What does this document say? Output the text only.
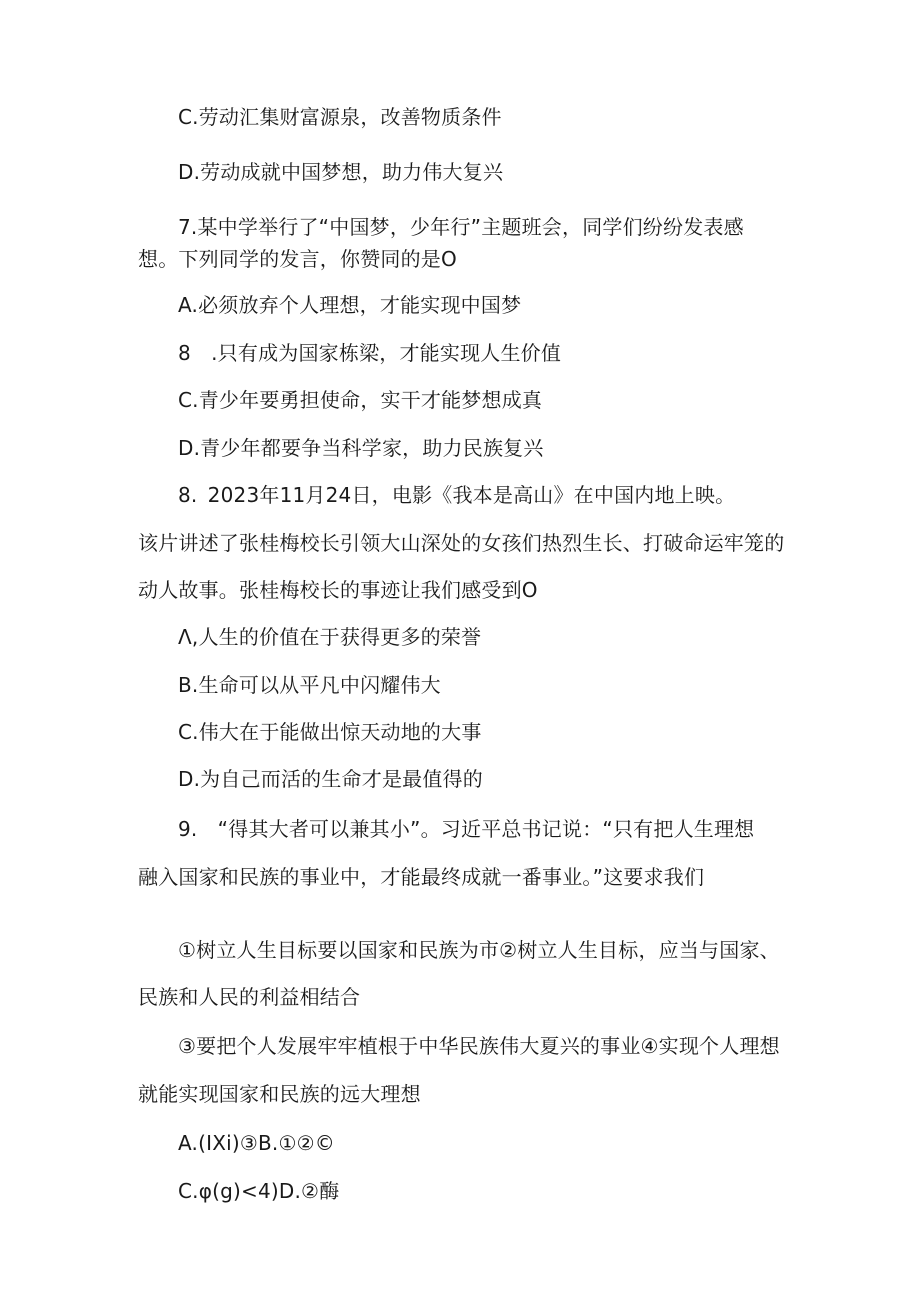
C.劳动汇集财富源泉，改善物质条件
D.劳动成就中国梦想，助力伟大复兴
7.某中学举行了“中国梦，少年行”主题班会，同学们纷纷发表感
想。下列同学的发言，你赞同的是O
A.必须放弃个人理想，才能实现中国梦
8 .只有成为国家栋梁，才能实现人生价值
C.青少年要勇担使命，实干才能梦想成真
D.青少年都要争当科学家，助力民族复兴
8. 2023年11月24日，电影《我本是高山》在中国内地上映。
该片讲述了张桂梅校长引领大山深处的女孩们热烈生长、打破命运牢笼的
动人故事。张桂梅校长的事迹让我们感受到O
Λ,人生的价值在于获得更多的荣誉
B.生命可以从平凡中闪耀伟大
C.伟大在于能做出惊天动地的大事
D.为自己而活的生命才是最值得的
9. “得其大者可以兼其小”。习近平总书记说：“只有把人生理想
融入国家和民族的事业中，才能最终成就一番事业。”这要求我们
①树立人生目标要以国家和民族为市②树立人生目标，应当与国家、
民族和人民的利益相结合
③要把个人发展牢牢植根于中华民族伟大夏兴的事业④实现个人理想
就能实现国家和民族的远大理想
A.(IXi)③B.①②©
C.φ(g)<4)D.②酶
